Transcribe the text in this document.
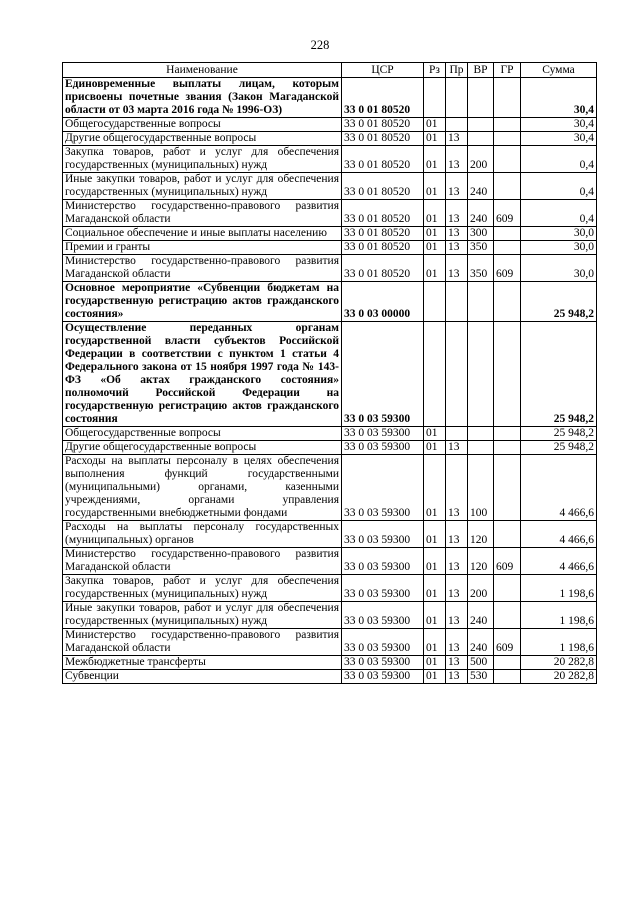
228
Наименование	ЦСР	Рз	Пр	ВР	ГР	Сумма
Единовременные выплаты лицам, которым присвоены почетные звания (Закон Магаданской области от 03 марта 2016 года № 1996-ОЗ)	33 0 01 80520					30,4
Общегосударственные вопросы	33 0 01 80520	01				30,4
Другие общегосударственные вопросы	33 0 01 80520	01	13			30,4
Закупка товаров, работ и услуг для обеспечения государственных (муниципальных) нужд	33 0 01 80520	01	13	200		0,4
Иные закупки товаров, работ и услуг для обеспечения государственных (муниципальных) нужд	33 0 01 80520	01	13	240		0,4
Министерство государственно-правового развития Магаданской области	33 0 01 80520	01	13	240	609	0,4
Социальное обеспечение и иные выплаты населению	33 0 01 80520	01	13	300		30,0
Премии и гранты	33 0 01 80520	01	13	350		30,0
Министерство государственно-правового развития Магаданской области	33 0 01 80520	01	13	350	609	30,0
Основное мероприятие «Субвенции бюджетам на государственную регистрацию актов гражданского состояния»	33 0 03 00000					25 948,2
Осуществление переданных органам государственной власти субъектов Российской Федерации в соответствии с пунктом 1 статьи 4 Федерального закона от 15 ноября 1997 года № 143-ФЗ «Об актах гражданского состояния» полномочий Российской Федерации на государственную регистрацию актов гражданского состояния	33 0 03 59300					25 948,2
Общегосударственные вопросы	33 0 03 59300	01				25 948,2
Другие общегосударственные вопросы	33 0 03 59300	01	13			25 948,2
Расходы на выплаты персоналу в целях обеспечения выполнения функций государственными (муниципальными) органами, казенными учреждениями, органами управления государственными внебюджетными фондами	33 0 03 59300	01	13	100		4 466,6
Расходы на выплаты персоналу государственных (муниципальных) органов	33 0 03 59300	01	13	120		4 466,6
Министерство государственно-правового развития Магаданской области	33 0 03 59300	01	13	120	609	4 466,6
Закупка товаров, работ и услуг для обеспечения государственных (муниципальных) нужд	33 0 03 59300	01	13	200		1 198,6
Иные закупки товаров, работ и услуг для обеспечения государственных (муниципальных) нужд	33 0 03 59300	01	13	240		1 198,6
Министерство государственно-правового развития Магаданской области	33 0 03 59300	01	13	240	609	1 198,6
Межбюджетные трансферты	33 0 03 59300	01	13	500		20 282,8
Субвенции	33 0 03 59300	01	13	530		20 282,8
